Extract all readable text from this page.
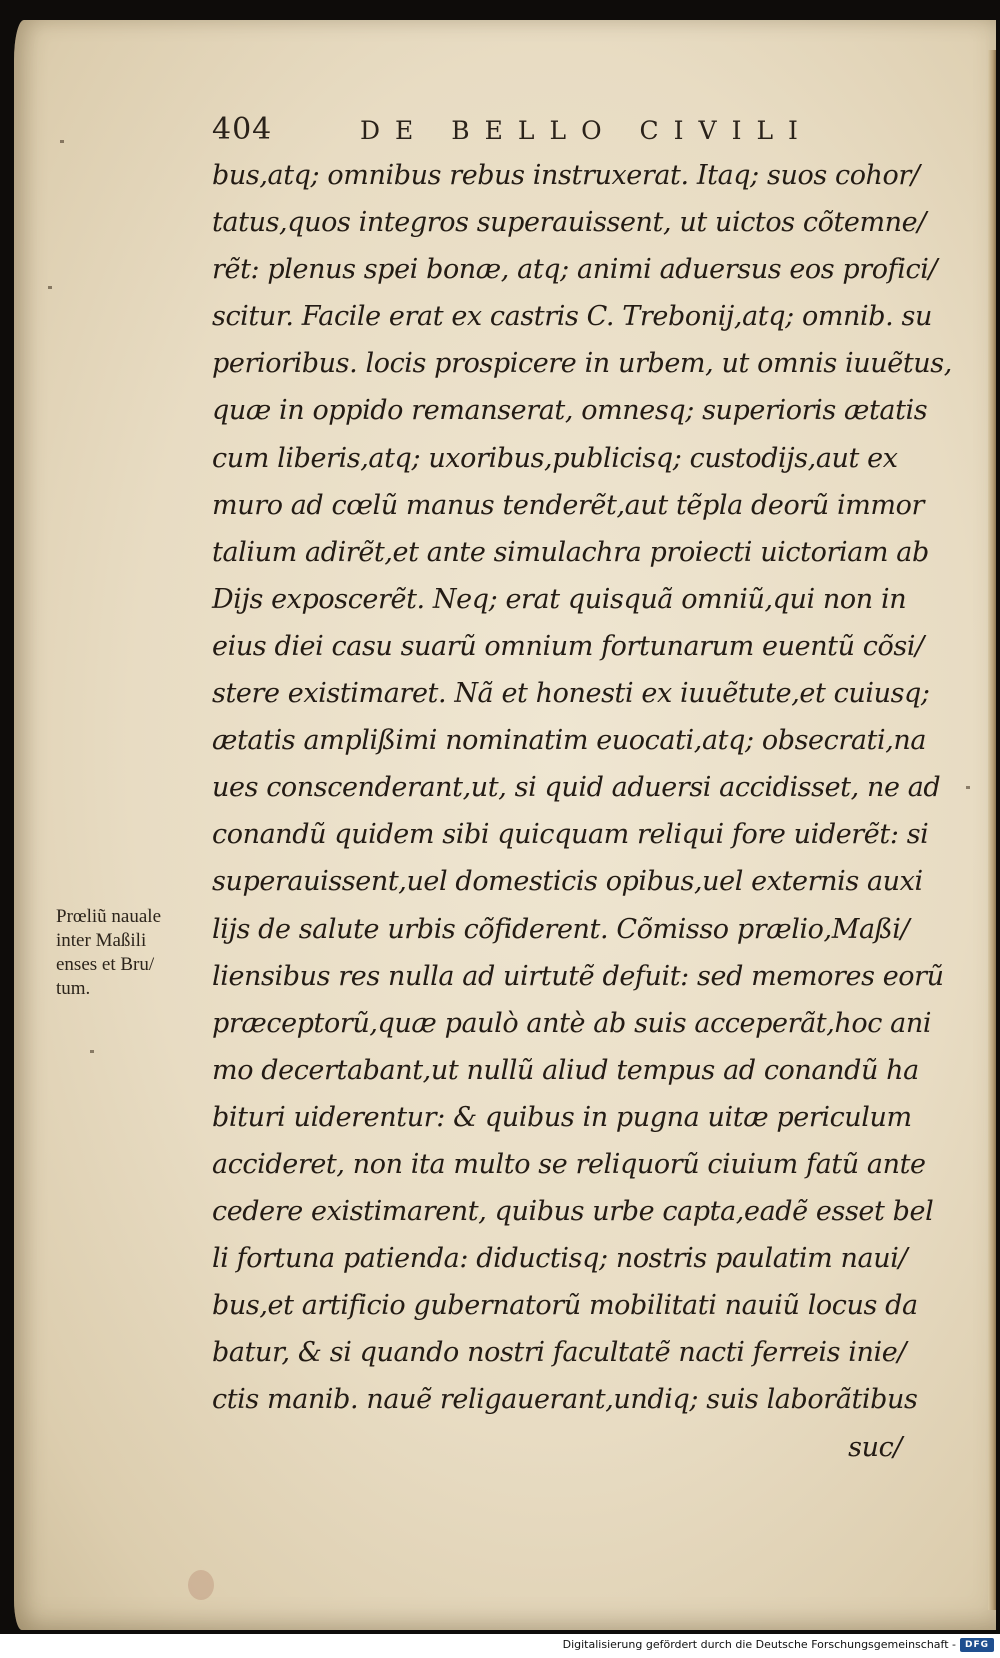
404	DE BELLO CIVILI
bus,atq; omnibus rebus instruxerat. Itaq; suos cohor/
tatus,quos integros superauissent, ut uictos cõtemne/
rẽt: plenus spei bonæ, atq; animi aduersus eos profici/
scitur. Facile erat ex castris C. Trebonij,atq; omnib. su
perioribus. locis prospicere in urbem, ut omnis iuuẽtus,
quæ in oppido remanserat, omnesq; superioris ætatis
cum liberis,atq; uxoribus,publicisq; custodijs,aut ex
muro ad cœlũ manus tenderẽt,aut tẽpla deorũ immor
talium adirẽt,et ante simulachra proiecti uictoriam ab
Dijs exposcerẽt. Neq; erat quisquã omniũ,qui non in
eius diei casu suarũ omnium fortunarum euentũ cõsi/
stere existimaret. Nã et honesti ex iuuẽtute,et cuiusq;
ætatis amplißimi nominatim euocati,atq; obsecrati,na
ues conscenderant,ut, si quid aduersi accidisset, ne ad
conandũ quidem sibi quicquam reliqui fore uiderẽt: si
superauissent,uel domesticis opibus,uel externis auxi
lijs de salute urbis cõfiderent. Cõmisso prælio,Maßi/
liensibus res nulla ad uirtutẽ defuit: sed memores eorũ
præceptorũ,quæ paulò antè ab suis acceperãt,hoc ani
mo decertabant,ut nullũ aliud tempus ad conandũ ha
bituri uiderentur: & quibus in pugna uitæ periculum
accideret, non ita multo se reliquorũ ciuium fatũ ante
cedere existimarent, quibus urbe capta,eadẽ esset bel
li fortuna patienda: diductisq; nostris paulatim naui/
bus,et artificio gubernatorũ mobilitati nauiũ locus da
batur, & si quando nostri facultatẽ nacti ferreis inie/
ctis manib. nauẽ religauerant,undiq; suis laborãtibus
suc/
Prœliũ nauale
inter Maßili
enses et Bru/
tum.
Digitalisierung gefördert durch die Deutsche Forschungsgemeinschaft - DFG
